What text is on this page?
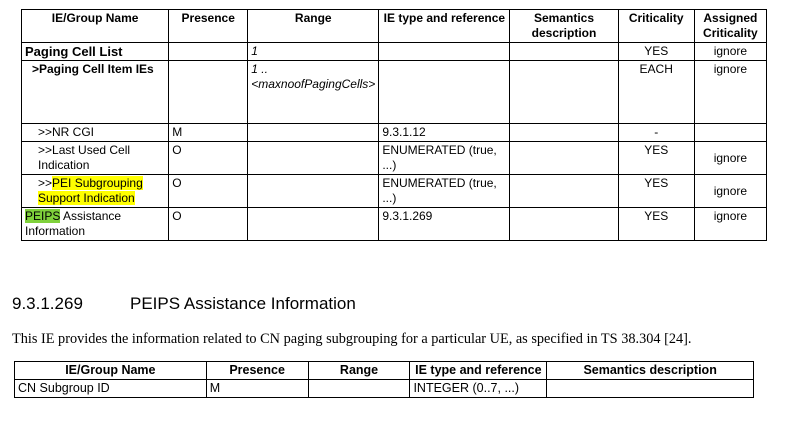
IE/Group Name	Presence	Range	IE type and reference	Semantics description	Criticality	Assigned Criticality
Paging Cell List		1			YES	ignore
>Paging Cell Item IEs		1 .. <maxnoofPagingCells>			EACH	ignore
>>NR CGI	M		9.3.1.12		-	
>>Last Used Cell Indication	O		ENUMERATED (true, ...)		YES	ignore
>>PEI Subgrouping Support Indication	O		ENUMERATED (true, ...)		YES	ignore
PEIPS Assistance Information	O		9.3.1.269		YES	ignore
9.3.1.269	PEIPS Assistance Information
This IE provides the information related to CN paging subgrouping for a particular UE, as specified in TS 38.304 [24].
IE/Group Name	Presence	Range	IE type and reference	Semantics description
CN Subgroup ID	M		INTEGER (0..7, ...)	
